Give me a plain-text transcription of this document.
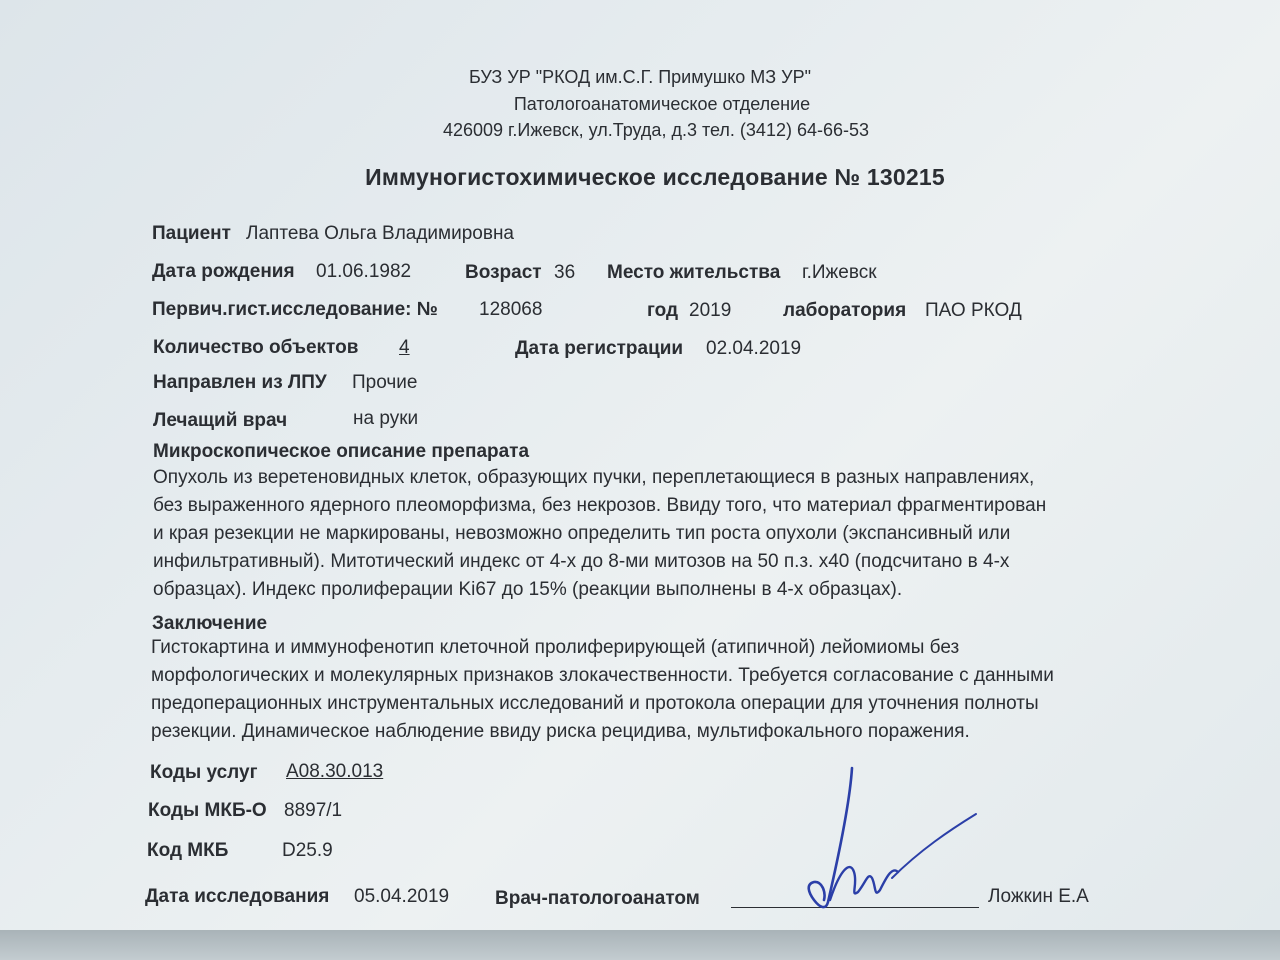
БУЗ УР "РКОД им.С.Г. Примушко МЗ УР"
Патологоанатомическое отделение
426009 г.Ижевск, ул.Труда, д.3 тел. (3412) 64-66-53
Иммуногистохимическое исследование № 130215
Пациент Лаптева Ольга Владимировна
Дата рождения 01.06.1982	Возраст 36 Место жительства г.Ижевск
Первич.гист.исследование: № 128068	год 2019	лаборатория ПАО РКОД
Количество объектов	4	Дата регистрации 02.04.2019
Направлен из ЛПУ Прочие
Лечащий врач	на руки
Микроскопическое описание препарата
Опухоль из веретеновидных клеток, образующих пучки, переплетающиеся в разных направлениях,
без выраженного ядерного плеоморфизма, без некрозов. Ввиду того, что материал фрагментирован
и края резекции не маркированы, невозможно определить тип роста опухоли (экспансивный или
инфильтративный). Митотический индекс от 4-х до 8-ми митозов на 50 п.з. х40 (подсчитано в 4-х
образцах). Индекс пролиферации Ki67 до 15% (реакции выполнены в 4-х образцах).
Заключение
Гистокартина и иммунофенотип клеточной пролиферирующей (атипичной) лейомиомы без
морфологических и молекулярных признаков злокачественности. Требуется согласование с данными
предоперационных инструментальных исследований и протокола операции для уточнения полноты
резекции. Динамическое наблюдение ввиду риска рецидива, мультифокального поражения.
Коды услуг A08.30.013
Коды МКБ-О 8897/1
Код МКБ	D25.9
Дата исследования 05.04.2019 Врач-патологоанатом	Ложкин Е.А
